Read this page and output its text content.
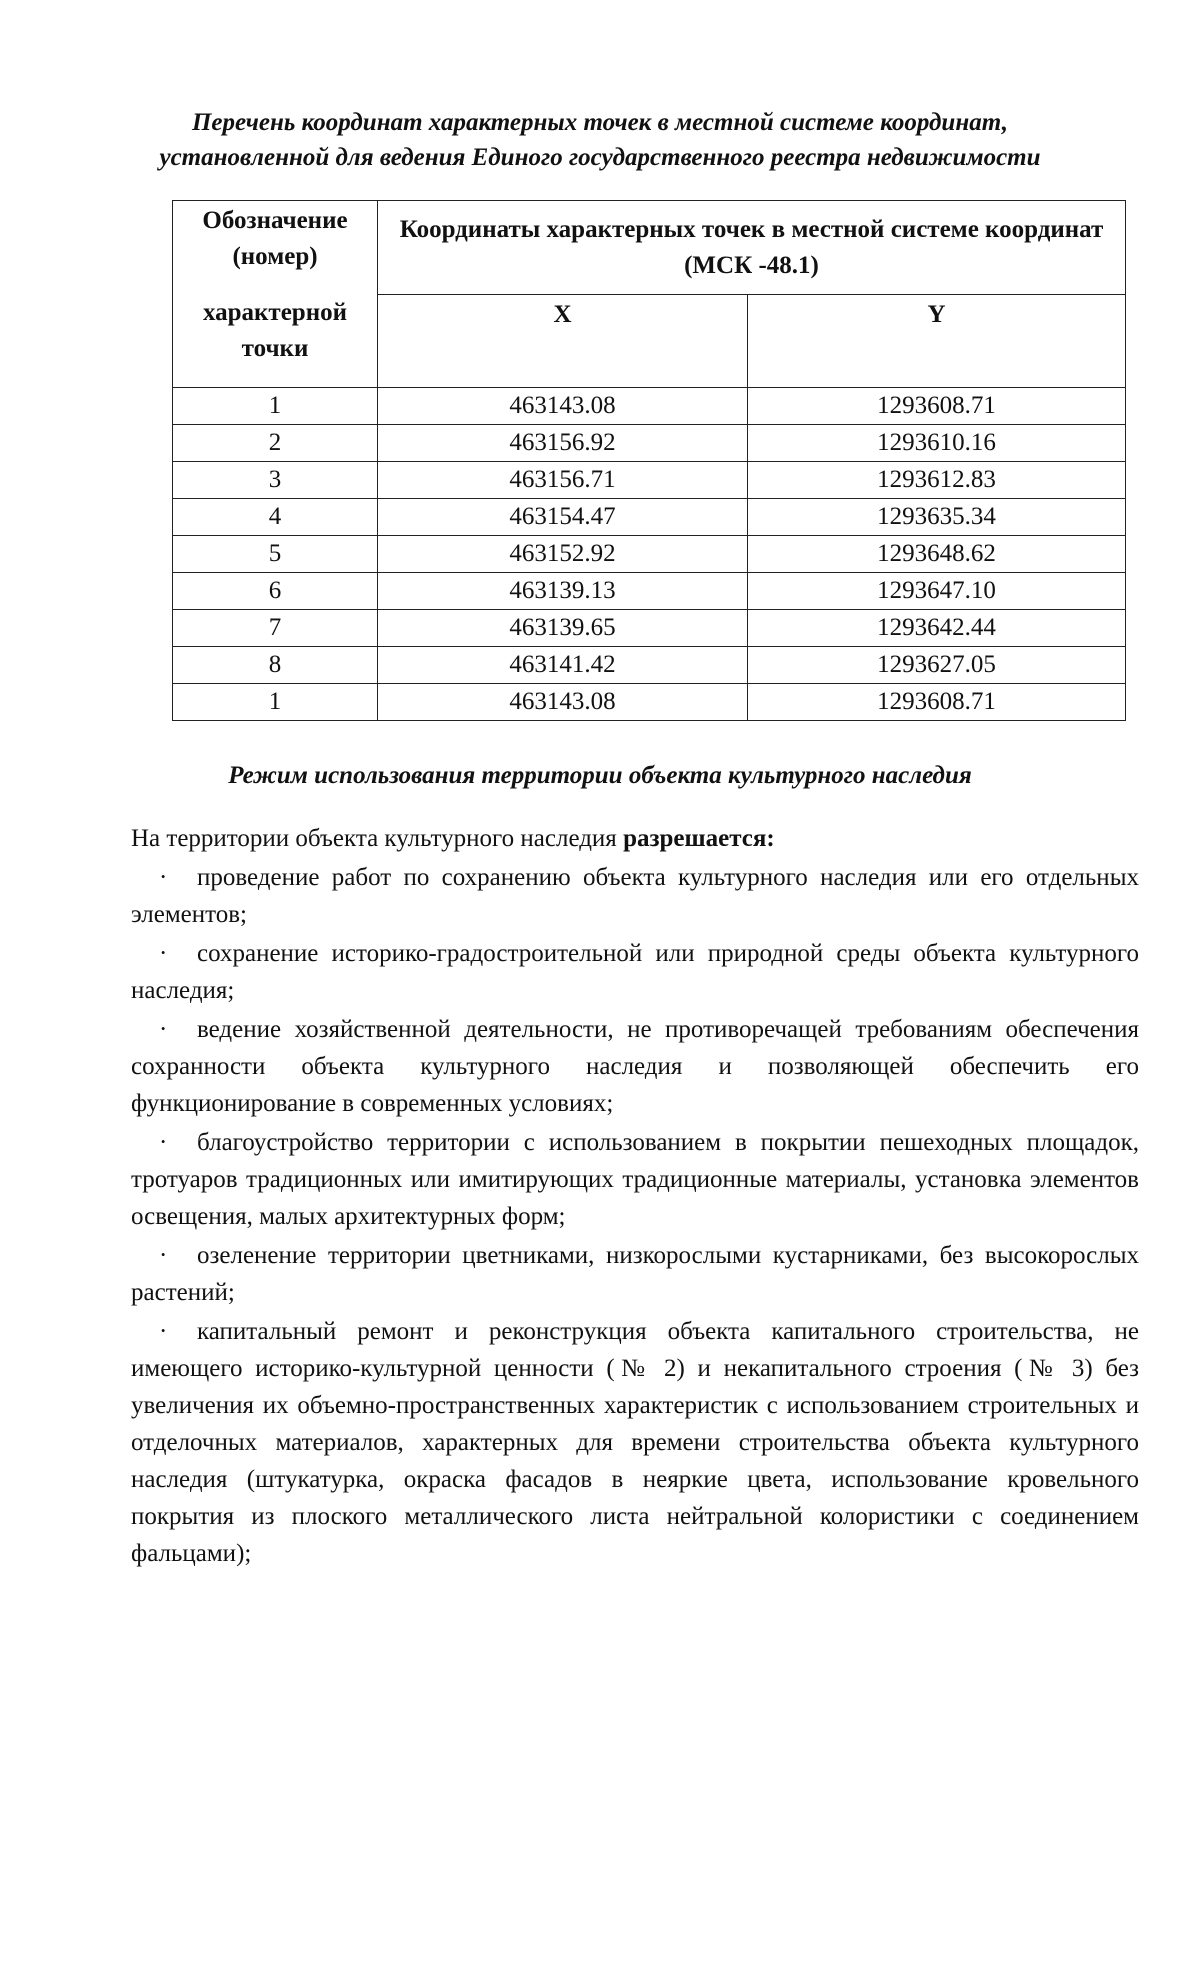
Перечень координат характерных точек в местной системе координат,
установленной для ведения Единого государственного реестра недвижимости
Обозначение (номер)
характерной точки	Координаты характерных точек в местной системе координат (МСК -48.1)	
	X	Y
1	463143.08	1293608.71
2	463156.92	1293610.16
3	463156.71	1293612.83
4	463154.47	1293635.34
5	463152.92	1293648.62
6	463139.13	1293647.10
7	463139.65	1293642.44
8	463141.42	1293627.05
1	463143.08	1293608.71
Режим использования территории объекта культурного наследия

На территории объекта культурного наследия разрешается:

· проведение работ по сохранению объекта культурного наследия или его отдельных элементов;

· сохранение историко-градостроительной или природной среды объекта культурного наследия;

· ведение хозяйственной деятельности, не противоречащей требованиям обеспечения сохранности объекта культурного наследия и позволяющей обеспечить его функционирование в современных условиях;

· благоустройство территории с использованием в покрытии пешеходных площадок, тротуаров традиционных или имитирующих традиционные материалы, установка элементов освещения, малых архитектурных форм;

· озеленение территории цветниками, низкорослыми кустарниками, без высокорослых растений;

· капитальный ремонт и реконструкция объекта капитального строительства, не имеющего историко-культурной ценности (№ 2) и некапитального строения (№ 3) без увеличения их объемно-пространственных характеристик с использованием строительных и отделочных материалов, характерных для времени строительства объекта культурного наследия (штукатурка, окраска фасадов в неяркие цвета, использование кровельного покрытия из плоского металлического листа нейтральной колористики с соединением фальцами);
